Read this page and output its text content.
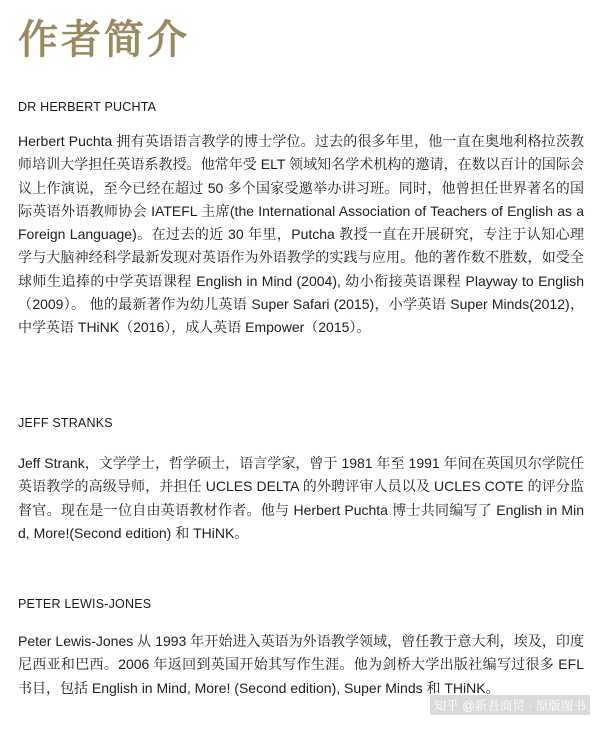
作者简介
DR HERBERT PUCHTA
Herbert Puchta 拥有英语语言教学的博士学位。过去的很多年里，他一直在奥地利格拉茨教师培训大学担任英语系教授。他常年受 ELT 领域知名学术机构的邀请，在数以百计的国际会议上作演说，至今已经在超过 50 多个国家受邀举办讲习班。同时，他曾担任世界著名的国际英语外语教师协会 IATEFL 主席(the International Association of Teachers of English as a Foreign Language)。在过去的近 30 年里，Putcha 教授一直在开展研究，专注于认知心理学与大脑神经科学最新发现对英语作为外语教学的实践与应用。他的著作数不胜数，如受全球师生追捧的中学英语课程 English in Mind (2004), 幼小衔接英语课程 Playway to English（2009）。 他的最新著作为幼儿英语 Super Safari (2015)，小学英语 Super Minds(2012)，中学英语 THiNK（2016），成人英语 Empower（2015）。
JEFF STRANKS
Jeff Strank，文学学士，哲学硕士，语言学家，曾于 1981 年至 1991 年间在英国贝尔学院任英语教学的高级导师，并担任 UCLES DELTA 的外聘评审人员以及 UCLES COTE 的评分监督官。现在是一位自由英语教材作者。他与 Herbert Puchta 博士共同编写了 English in Mind, More!(Second edition) 和 THiNK。
PETER LEWIS-JONES
Peter Lewis-Jones 从 1993 年开始进入英语为外语教学领域，曾任教于意大利，埃及，印度尼西亚和巴西。2006 年返回到英国开始其写作生涯。他为剑桥大学出版社编写过很多 EFL 书目，包括 English in Mind, More! (Second edition), Super Minds 和 THiNK。
知乎 @新吾商贸 · 原版图书
